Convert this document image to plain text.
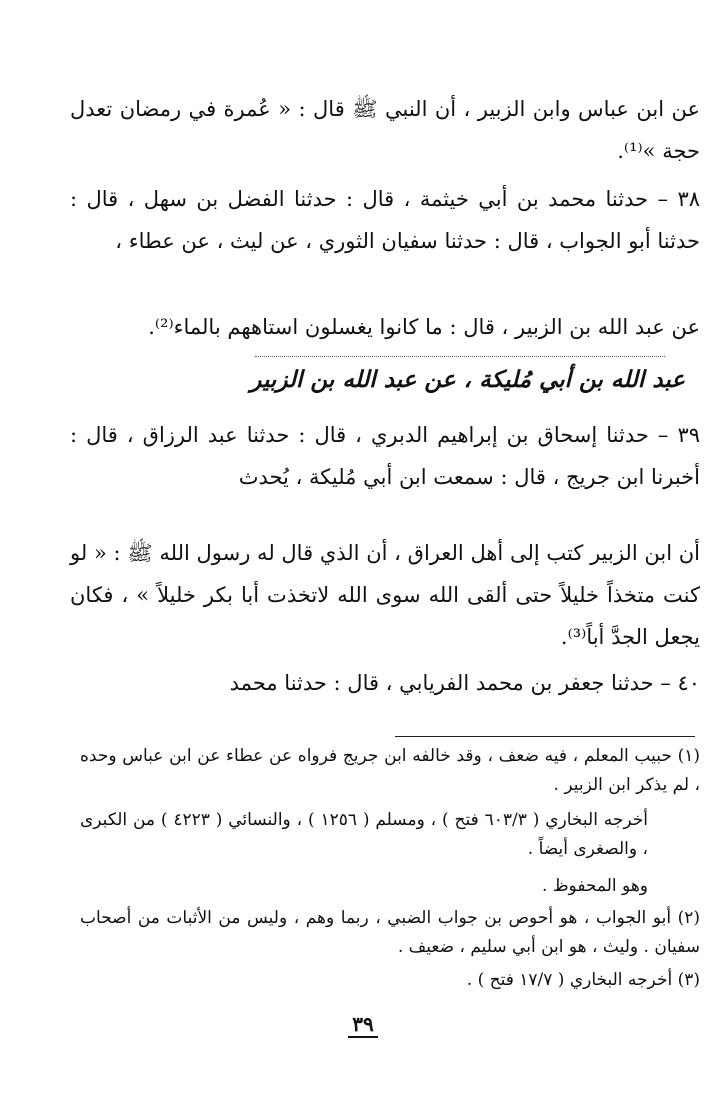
عن ابن عباس وابن الزبير ، أن النبي ﷺ قال : « عُمرة في رمضان تعدل حجة »⁽¹⁾.

٣٨ – حدثنا محمد بن أبي خيثمة ، قال : حدثنا الفضل بن سهل ، قال : حدثنا أبو الجواب ، قال : حدثنا سفيان الثوري ، عن ليث ، عن عطاء ،

عن عبد الله بن الزبير ، قال : ما كانوا يغسلون استاههم بالماء⁽²⁾.

عبد الله بن أبي مُليكة ، عن عبد الله بن الزبير

٣٩ – حدثنا إسحاق بن إبراهيم الدبري ، قال : حدثنا عبد الرزاق ، قال : أخبرنا ابن جريج ، قال : سمعت ابن أبي مُليكة ، يُحدث

أن ابن الزبير كتب إلى أهل العراق ، أن الذي قال له رسول الله ﷺ : « لو كنت متخذاً خليلاً حتى ألقى الله سوى الله لاتخذت أبا بكر خليلاً » ، فكان يجعل الجدَّ أباً⁽³⁾.

٤٠ – حدثنا جعفر بن محمد الفريابي ، قال : حدثنا محمد

(١) حبيب المعلم ، فيه ضعف ، وقد خالفه ابن جريج فرواه عن عطاء عن ابن عباس وحده ، لم يذكر ابن الزبير .

أخرجه البخاري ( ٦٠٣/٣ فتح ) ، ومسلم ( ١٢٥٦ ) ، والنسائي ( ٤٢٢٣ ) من الكبرى ، والصغرى أيضاً .

وهو المحفوظ .

(٢) أبو الجواب ، هو أحوص بن جواب الضبي ، ربما وهم ، وليس من الأثبات من أصحاب سفيان . وليث ، هو ابن أبي سليم ، ضعيف .

(٣) أخرجه البخاري ( ١٧/٧ فتح ) .

٣٩
